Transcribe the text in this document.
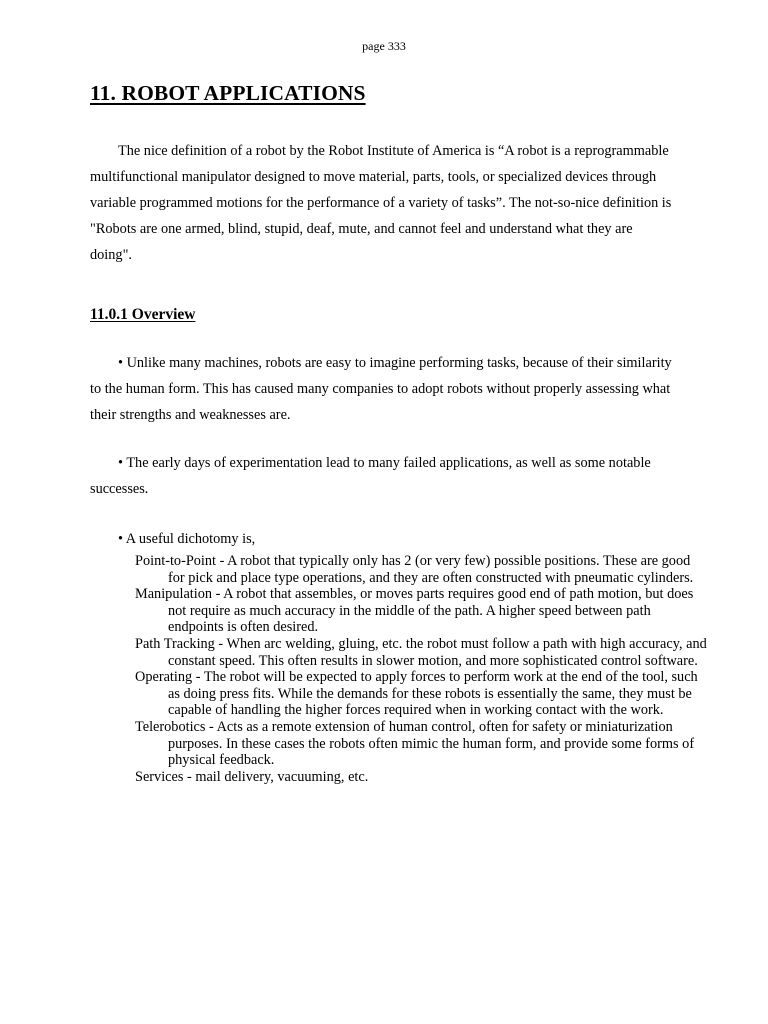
page 333
11. ROBOT APPLICATIONS

The nice definition of a robot by the Robot Institute of America is “A robot is a reprogrammable multifunctional manipulator designed to move material, parts, tools, or specialized devices through variable programmed motions for the performance of a variety of tasks”. The not-so-nice definition is "Robots are one armed, blind, stupid, deaf, mute, and cannot feel and understand what they are doing".

11.0.1 Overview

• Unlike many machines, robots are easy to imagine performing tasks, because of their similarity to the human form. This has caused many companies to adopt robots without properly assessing what their strengths and weaknesses are.

• The early days of experimentation lead to many failed applications, as well as some notable successes.

• A useful dichotomy is,

Point-to-Point - A robot that typically only has 2 (or very few) possible positions. These are good for pick and place type operations, and they are often constructed with pneumatic cylinders.
Manipulation - A robot that assembles, or moves parts requires good end of path motion, but does not require as much accuracy in the middle of the path. A higher speed between path endpoints is often desired.
Path Tracking - When arc welding, gluing, etc. the robot must follow a path with high accuracy, and constant speed. This often results in slower motion, and more sophisticated control software.
Operating - The robot will be expected to apply forces to perform work at the end of the tool, such as doing press fits. While the demands for these robots is essentially the same, they must be capable of handling the higher forces required when in working contact with the work.
Telerobotics - Acts as a remote extension of human control, often for safety or miniaturization purposes. In these cases the robots often mimic the human form, and provide some forms of physical feedback.
Services - mail delivery, vacuuming, etc.
